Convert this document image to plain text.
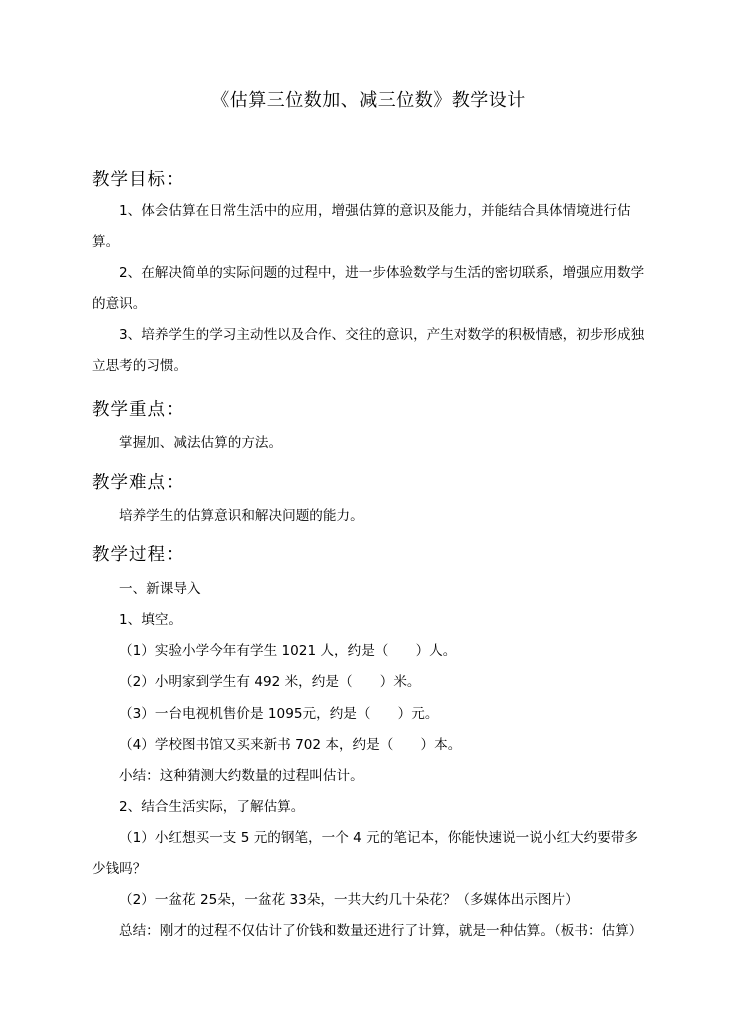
《估算三位数加、减三位数》教学设计
教学目标：
1、体会估算在日常生活中的应用，增强估算的意识及能力，并能结合具体情境进行估算。
2、在解决简单的实际问题的过程中，进一步体验数学与生活的密切联系，增强应用数学的意识。
3、培养学生的学习主动性以及合作、交往的意识，产生对数学的积极情感，初步形成独立思考的习惯。
教学重点：
掌握加、减法估算的方法。
教学难点：
培养学生的估算意识和解决问题的能力。
教学过程：
一、新课导入
1、填空。
（1）实验小学今年有学生 1021 人，约是（　　）人。
（2）小明家到学生有 492 米，约是（　　）米。
（3）一台电视机售价是 1095元，约是（　　）元。
（4）学校图书馆又买来新书 702 本，约是（　　）本。
小结：这种猜测大约数量的过程叫估计。
2、结合生活实际，了解估算。
（1）小红想买一支 5 元的钢笔，一个 4 元的笔记本，你能快速说一说小红大约要带多
少钱吗？
（2）一盆花 25朵，一盆花 33朵，一共大约几十朵花？（多媒体出示图片）
总结：刚才的过程不仅估计了价钱和数量还进行了计算，就是一种估算。（板书：估算）
